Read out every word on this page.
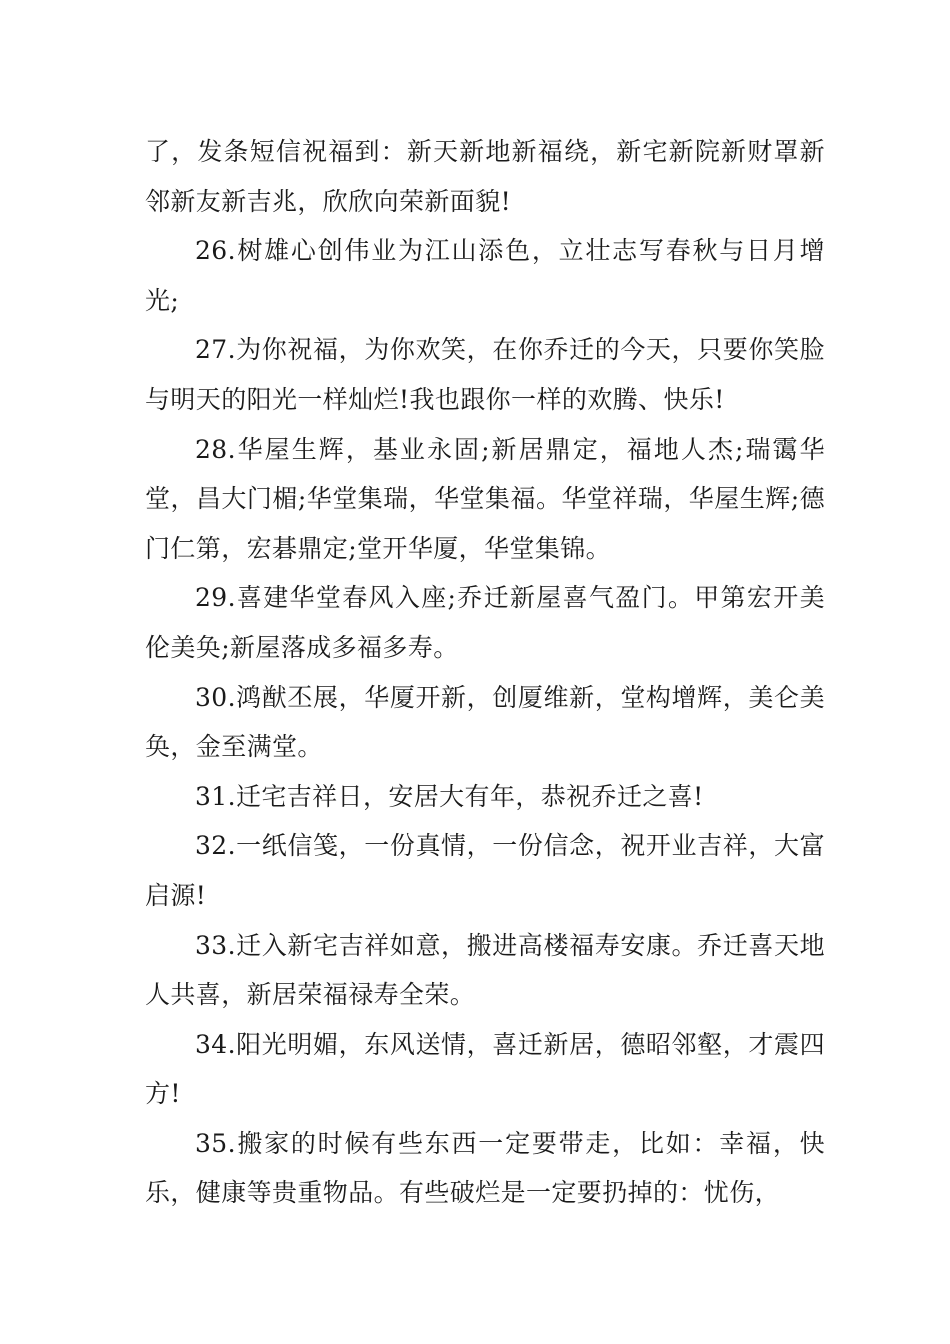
了，发条短信祝福到：新天新地新福绕，新宅新院新财罩新邻新友新吉兆，欣欣向荣新面貌!

26.树雄心创伟业为江山添色，立壮志写春秋与日月增光;

27.为你祝福，为你欢笑，在你乔迁的今天，只要你笑脸与明天的阳光一样灿烂!我也跟你一样的欢腾、快乐!

28.华屋生辉，基业永固;新居鼎定，福地人杰;瑞霭华堂，昌大门楣;华堂集瑞，华堂集福。华堂祥瑞，华屋生辉;德门仁第，宏碁鼎定;堂开华厦，华堂集锦。

29.喜建华堂春风入座;乔迁新屋喜气盈门。甲第宏开美伦美奂;新屋落成多福多寿。

30.鸿猷丕展，华厦开新，创厦维新，堂构增辉，美仑美奂，金至满堂。

31.迁宅吉祥日，安居大有年，恭祝乔迁之喜!

32.一纸信笺，一份真情，一份信念，祝开业吉祥，大富启源!

33.迁入新宅吉祥如意，搬进高楼福寿安康。乔迁喜天地人共喜，新居荣福禄寿全荣。

34.阳光明媚，东风送情，喜迁新居，德昭邻壑，才震四方!

35.搬家的时候有些东西一定要带走，比如：幸福，快乐，健康等贵重物品。有些破烂是一定要扔掉的：忧伤，
